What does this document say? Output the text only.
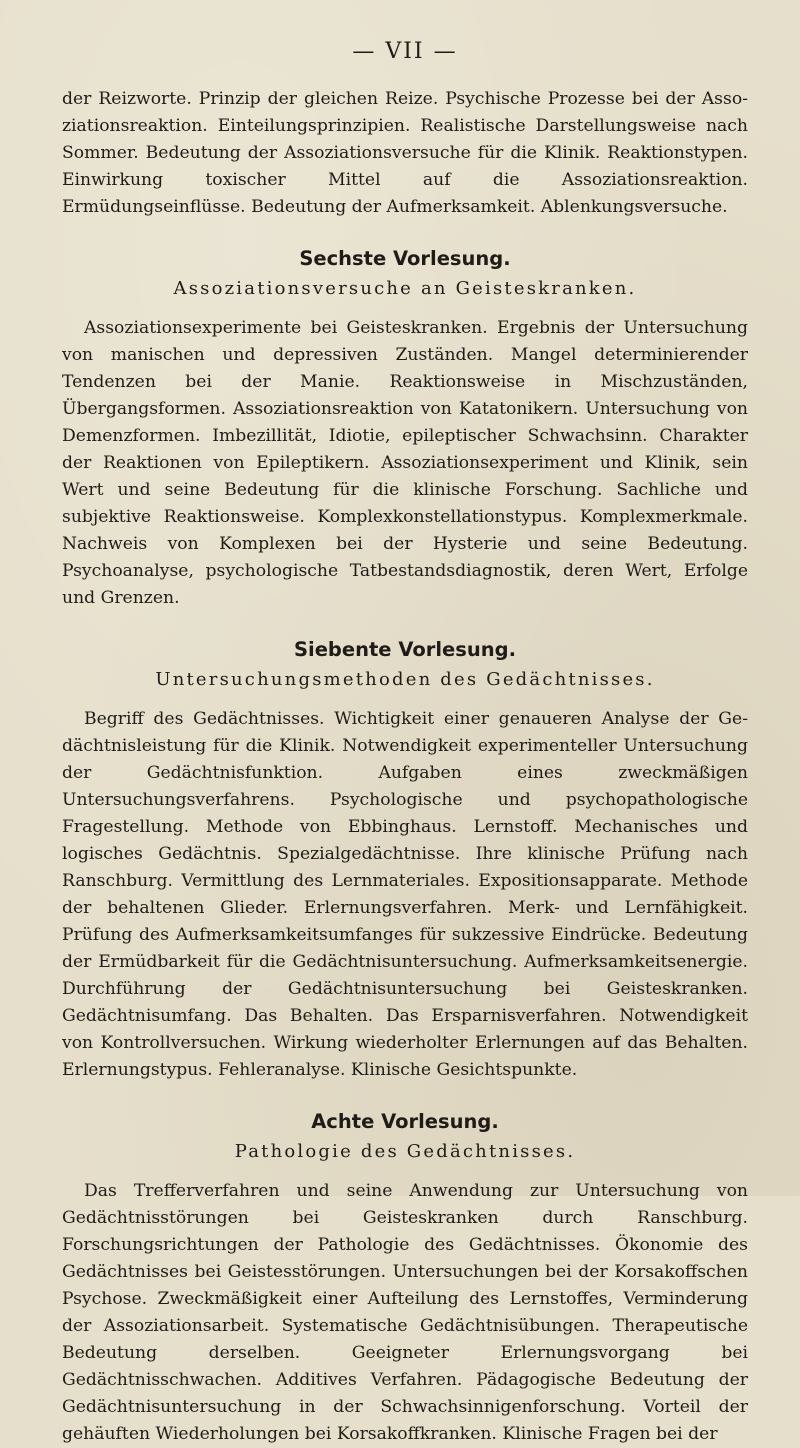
— VII —

der Reizworte. Prinzip der gleichen Reize. Psychische Prozesse bei der Assoziationsreaktion. Einteilungsprinzipien. Realistische Darstellungsweise nach Sommer. Bedeutung der Assoziationsversuche für die Klinik. Reaktionstypen. Einwirkung toxischer Mittel auf die Assoziationsreaktion. Ermüdungseinflüsse. Bedeutung der Aufmerksamkeit. Ablenkungsversuche.

Sechste Vorlesung.
Assoziationsversuche an Geisteskranken.

Assoziationsexperimente bei Geisteskranken. Ergebnis der Untersuchung von manischen und depressiven Zuständen. Mangel determinierender Tendenzen bei der Manie. Reaktionsweise in Mischzuständen, Übergangsformen. Assoziationsreaktion von Katatonikern. Untersuchung von Demenzformen. Imbezillität, Idiotie, epileptischer Schwachsinn. Charakter der Reaktionen von Epileptikern. Assoziationsexperiment und Klinik, sein Wert und seine Bedeutung für die klinische Forschung. Sachliche und subjektive Reaktionsweise. Komplexkonstellationstypus. Komplexmerkmale. Nachweis von Komplexen bei der Hysterie und seine Bedeutung. Psychoanalyse, psychologische Tatbestandsdiagnostik, deren Wert, Erfolge und Grenzen.

Siebente Vorlesung.
Untersuchungsmethoden des Gedächtnisses.

Begriff des Gedächtnisses. Wichtigkeit einer genaueren Analyse der Gedächtnisleistung für die Klinik. Notwendigkeit experimenteller Untersuchung der Gedächtnisfunktion. Aufgaben eines zweckmäßigen Untersuchungsverfahrens. Psychologische und psychopathologische Fragestellung. Methode von Ebbinghaus. Lernstoff. Mechanisches und logisches Gedächtnis. Spezialgedächtnisse. Ihre klinische Prüfung nach Ranschburg. Vermittlung des Lernmateriales. Expositionsapparate. Methode der behaltenen Glieder. Erlernungsverfahren. Merk- und Lernfähigkeit. Prüfung des Aufmerksamkeitsumfanges für sukzessive Eindrücke. Bedeutung der Ermüdbarkeit für die Gedächtnisuntersuchung. Aufmerksamkeitsenergie. Durchführung der Gedächtnisuntersuchung bei Geisteskranken. Gedächtnisumfang. Das Behalten. Das Ersparnisverfahren. Notwendigkeit von Kontrollversuchen. Wirkung wiederholter Erlernungen auf das Behalten. Erlernungstypus. Fehleranalyse. Klinische Gesichtspunkte.

Achte Vorlesung.
Pathologie des Gedächtnisses.

Das Trefferverfahren und seine Anwendung zur Untersuchung von Gedächtnisstörungen bei Geisteskranken durch Ranschburg. Forschungsrichtungen der Pathologie des Gedächtnisses. Ökonomie des Gedächtnisses bei Geistesstörungen. Untersuchungen bei der Korsakoffschen Psychose. Zweckmäßigkeit einer Aufteilung des Lernstoffes, Verminderung der Assoziationsarbeit. Systematische Gedächtnisübungen. Therapeutische Bedeutung derselben. Geeigneter Erlernungsvorgang bei Gedächtnisschwachen. Additives Verfahren. Pädagogische Bedeutung der Gedächtnisuntersuchung in der Schwachsinnigenforschung. Vorteil der gehäuften Wiederholungen bei Korsakoffkranken. Klinische Fragen bei der
